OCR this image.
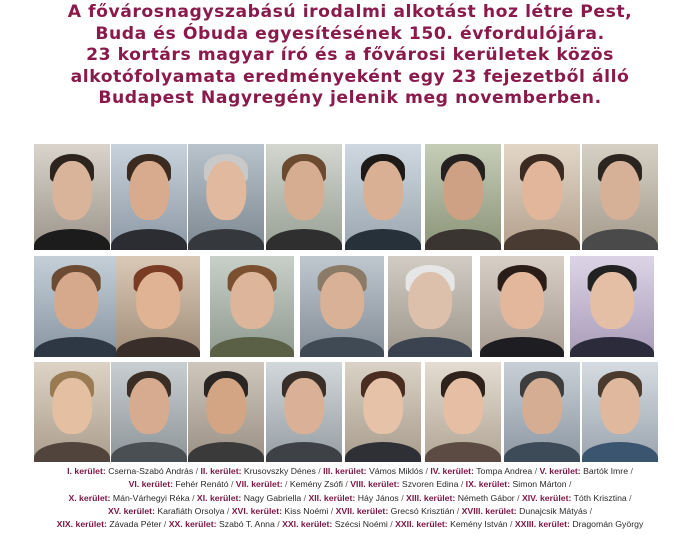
A fővárosnagyszabású irodalmi alkotást hoz létre Pest,
Buda és Óbuda egyesítésének 150. évfordulójára.
23 kortárs magyar író és a fővárosi kerületek közös
alkotófolyamata eredményeként egy 23 fejezetből álló
Budapest Nagyregény jelenik meg novemberben.
I. kerület: Cserna-Szabó András / II. kerület: Krusovszky Dénes / III. kerület: Vámos Miklós / IV. kerület: Tompa Andrea / V. kerület: Bartók Imre /
VI. kerület: Fehér Renátó / VII. kerület: / Kemény Zsófi / VIII. kerület: Szvoren Edina / IX. kerület: Simon Márton /
X. kerület: Mán-Várhegyi Réka / XI. kerület: Nagy Gabriella / XII. kerület: Háy János / XIII. kerület: Németh Gábor / XIV. kerület: Tóth Krisztina /
XV. kerület: Karafiáth Orsolya / XVI. kerület: Kiss Noémi / XVII. kerület: Grecsó Krisztián / XVIII. kerület: Dunajcsik Mátyás /
XIX. kerület: Závada Péter / XX. kerület: Szabó T. Anna / XXI. kerület: Szécsi Noémi / XXII. kerület: Kemény István / XXIII. kerület: Dragomán György
